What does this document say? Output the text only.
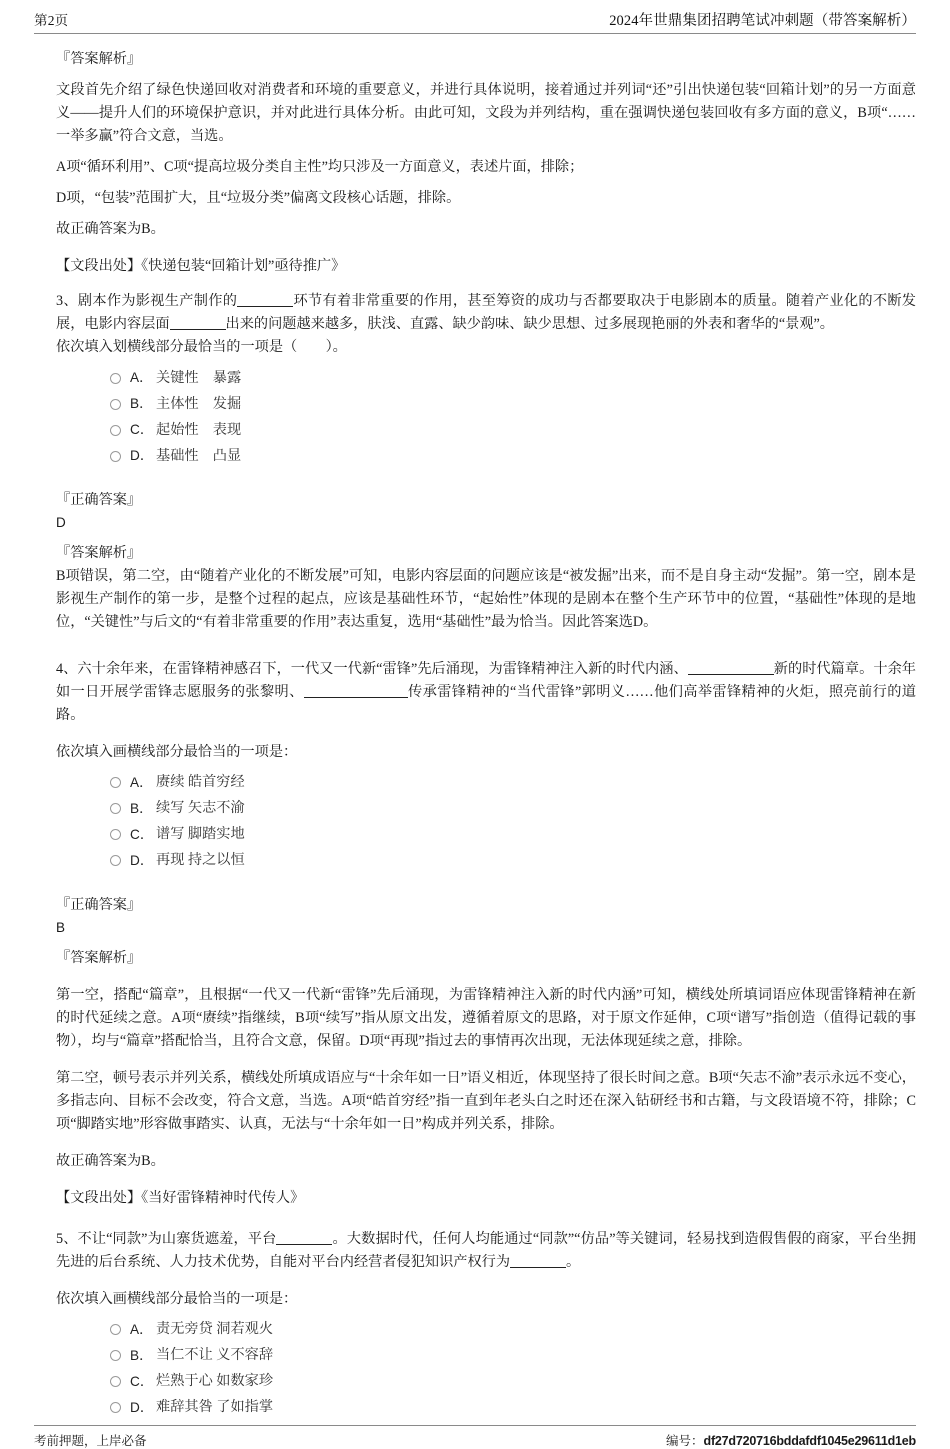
第2页	2024年世鼎集团招聘笔试冲刺题（带答案解析）

『答案解析』

文段首先介绍了绿色快递回收对消费者和环境的重要意义，并进行具体说明，接着通过并列词“还”引出快递包装“回箱计划”的另一方面意义——提升人们的环境保护意识，并对此进行具体分析。由此可知，文段为并列结构，重在强调快递包装回收有多方面的意义，B项“……一举多赢”符合文意，当选。

A项“循环利用”、C项“提高垃圾分类自主性”均只涉及一方面意义，表述片面，排除；

D项，“包装”范围扩大，且“垃圾分类”偏离文段核心话题，排除。

故正确答案为B。

【文段出处】《快递包装“回箱计划”亟待推广》

3、剧本作为影视生产制作的	环节有着非常重要的作用，甚至筹资的成功与否都要取决于电影剧本的质量。随着产业化的不断发展，电影内容层面	出来的问题越来越多，肤浅、直露、缺少韵味、缺少思想、过多展现艳丽的外表和奢华的“景观”。

依次填入划横线部分最恰当的一项是（　　）。

A． 关键性　暴露
B． 主体性　发掘
C． 起始性　表现
D． 基础性　凸显

『正确答案』

D

『答案解析』

B项错误，第二空，由“随着产业化的不断发展”可知，电影内容层面的问题应该是“被发掘”出来，而不是自身主动“发掘”。第一空，剧本是影视生产制作的第一步，是整个过程的起点，应该是基础性环节，“起始性”体现的是剧本在整个生产环节中的位置，“基础性”体现的是地位，“关键性”与后文的“有着非常重要的作用”表达重复，选用“基础性”最为恰当。因此答案选D。

4、六十余年来，在雷锋精神感召下，一代又一代新“雷锋”先后涌现，为雷锋精神注入新的时代内涵、	新的时代篇章。十余年如一日开展学雷锋志愿服务的张黎明、	传承雷锋精神的“当代雷锋”郭明义……他们高举雷锋精神的火炬，照亮前行的道路。

依次填入画横线部分最恰当的一项是：

A． 赓续 皓首穷经
B． 续写 矢志不渝
C． 谱写 脚踏实地
D． 再现 持之以恒

『正确答案』

B

『答案解析』

第一空，搭配“篇章”，且根据“一代又一代新“雷锋”先后涌现，为雷锋精神注入新的时代内涵”可知，横线处所填词语应体现雷锋精神在新的时代延续之意。A项“赓续”指继续，B项“续写”指从原文出发，遵循着原文的思路，对于原文作延伸，C项“谱写”指创造（值得记载的事物），均与“篇章”搭配恰当，且符合文意，保留。D项“再现”指过去的事情再次出现，无法体现延续之意，排除。

第二空，顿号表示并列关系，横线处所填成语应与“十余年如一日”语义相近，体现坚持了很长时间之意。B项“矢志不渝”表示永远不变心，多指志向、目标不会改变，符合文意，当选。A项“皓首穷经”指一直到年老头白之时还在深入钻研经书和古籍，与文段语境不符，排除；C项“脚踏实地”形容做事踏实、认真，无法与“十余年如一日”构成并列关系，排除。

故正确答案为B。

【文段出处】《当好雷锋精神时代传人》

5、不让“同款”为山寨货遮羞，平台	。大数据时代，任何人均能通过“同款”“仿品”等关键词，轻易找到造假售假的商家，平台坐拥先进的后台系统、人力技术优势，自能对平台内经营者侵犯知识产权行为	。

依次填入画横线部分最恰当的一项是：

A． 责无旁贷 洞若观火
B． 当仁不让 义不容辞
C． 烂熟于心 如数家珍
D． 难辞其咎 了如指掌
考前押题，上岸必备	编号：df27d720716bddafdf1045e29611d1eb
